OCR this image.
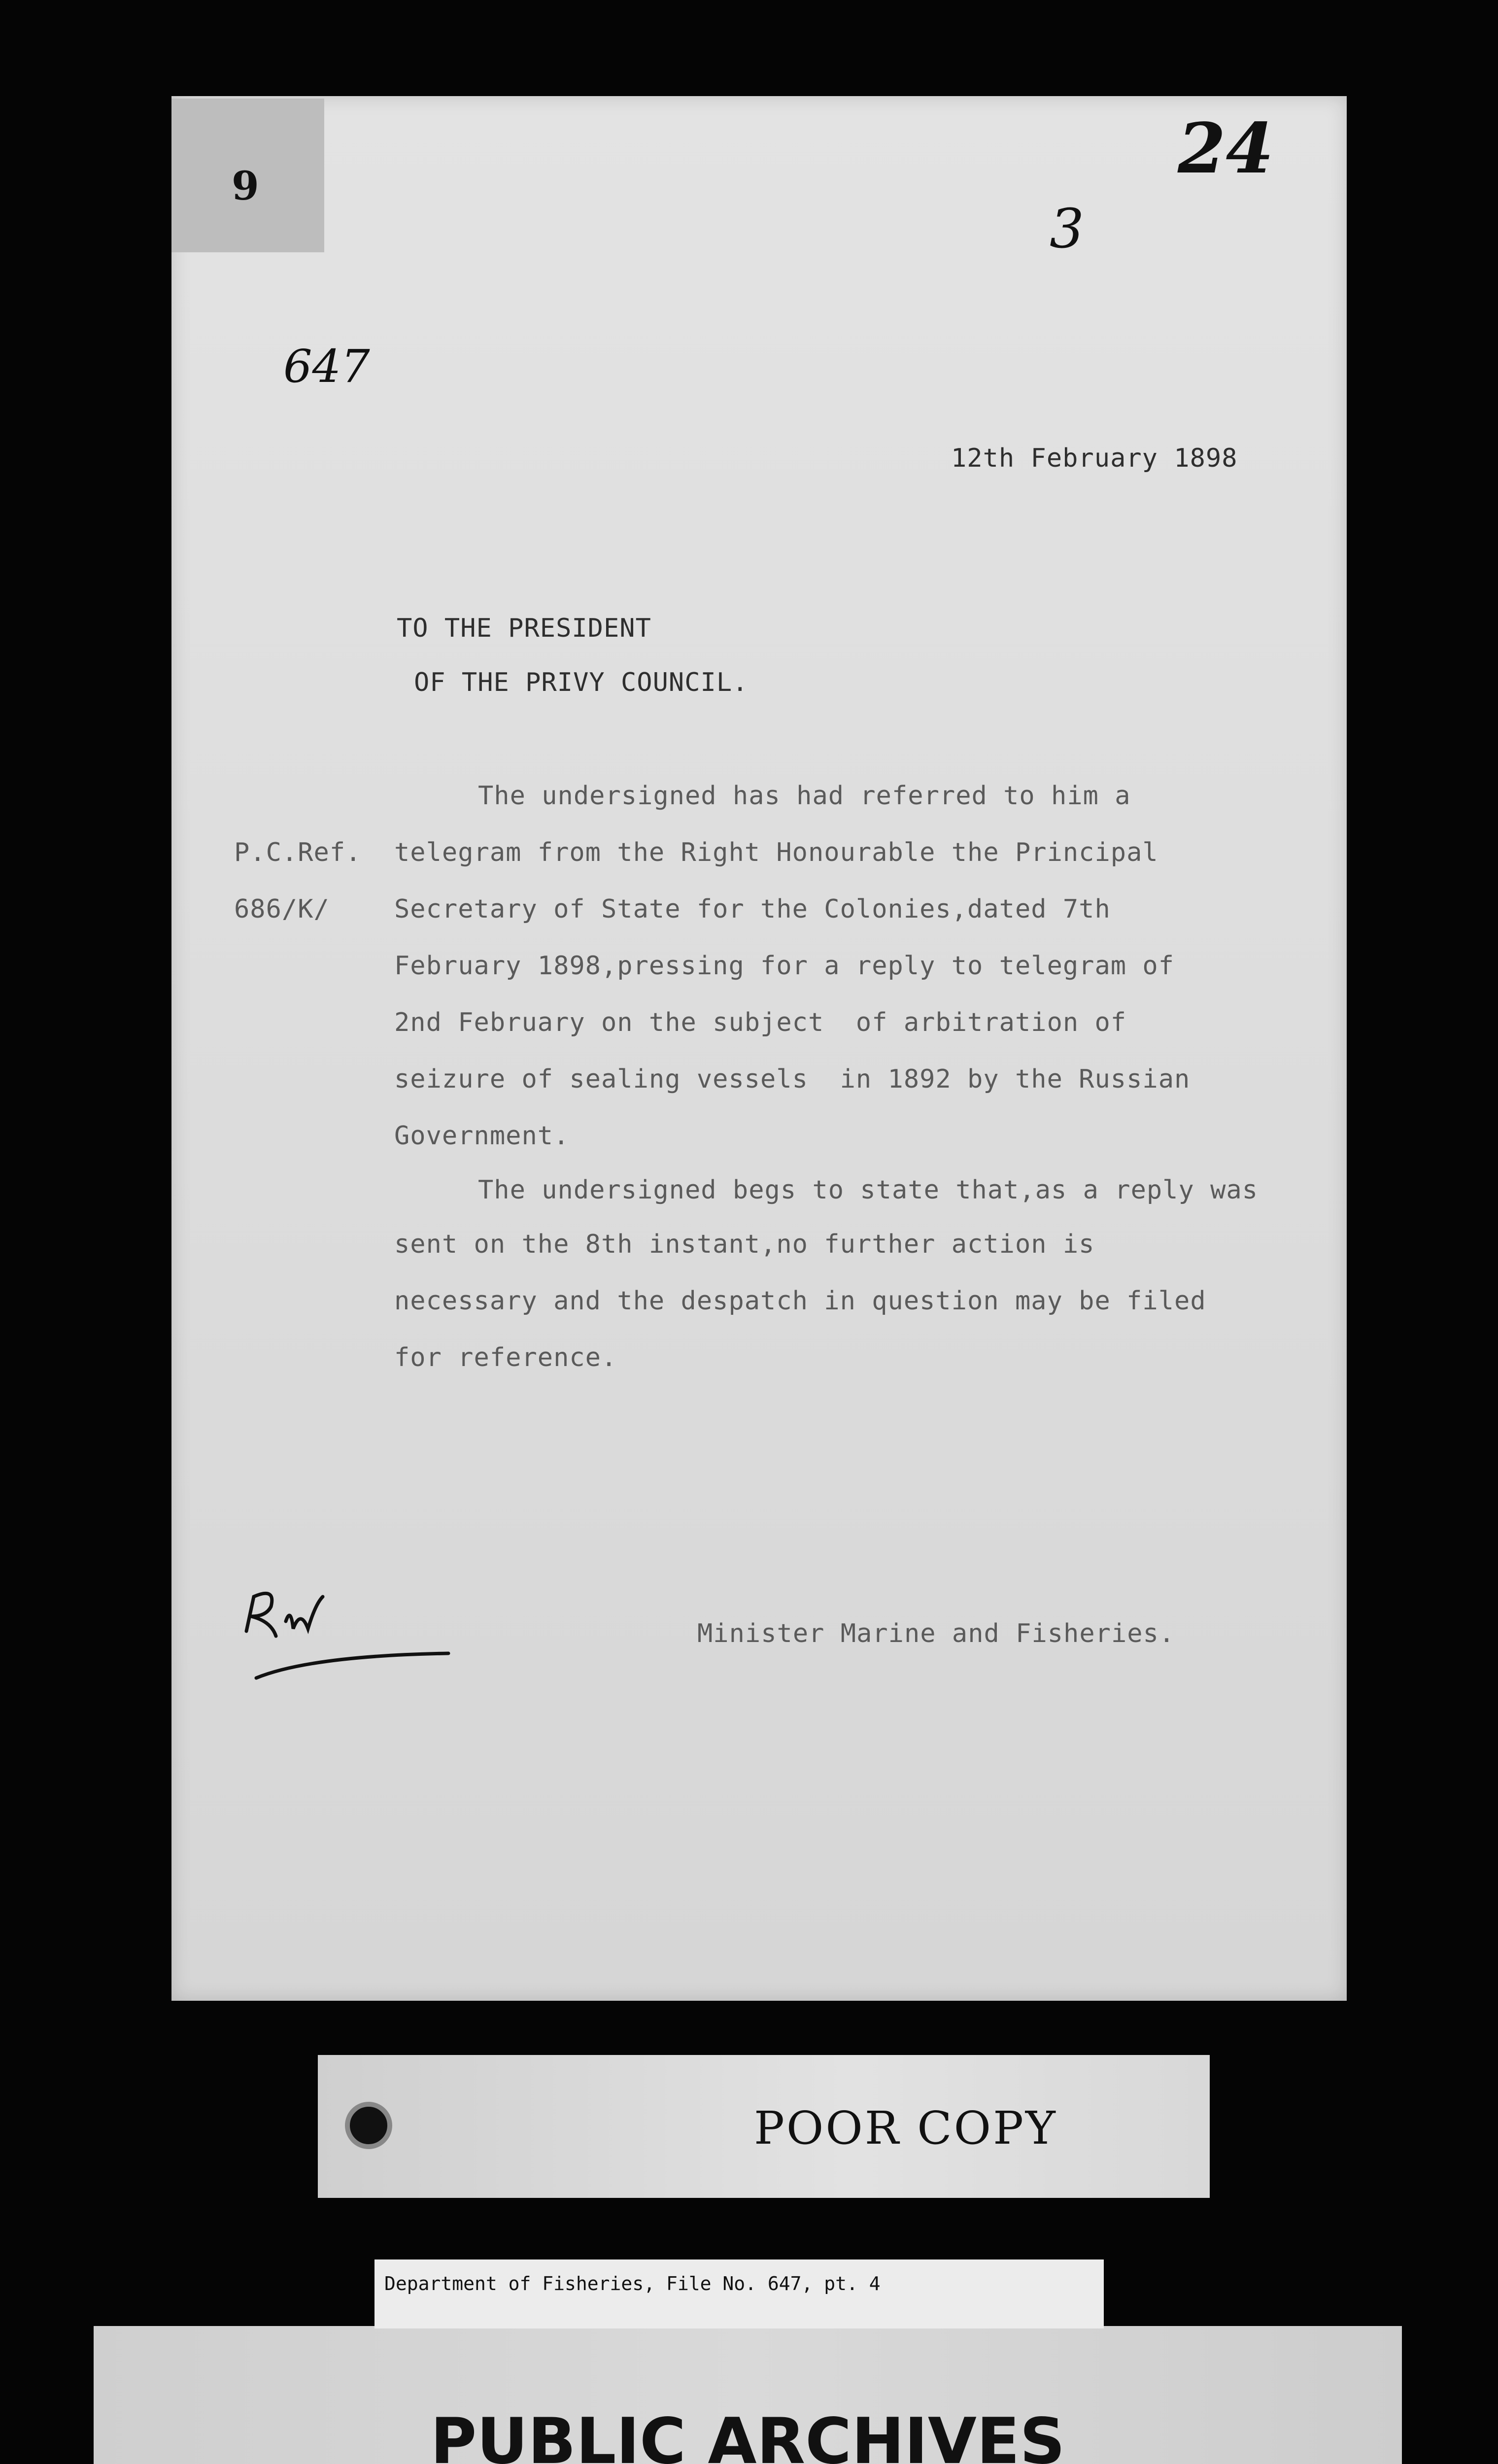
9	24
3
647
12th February 1898
TO THE PRESIDENT
OF THE PRIVY COUNCIL.
P.C.Ref.
686/K/
The undersigned has had referred to him a
telegram from the Right Honourable the Principal
Secretary of State for the Colonies,dated 7th
February 1898,pressing for a reply to telegram of
2nd February on the subject  of arbitration of
seizure of sealing vessels  in 1892 by the Russian
Government.
The undersigned begs to state that,as a reply was
sent on the 8th instant,no further action is
necessary and the despatch in question may be filed
for reference.
Minister Marine and Fisheries.
POOR COPY
Department of Fisheries, File No. 647, pt. 4
PUBLIC ARCHIVES
